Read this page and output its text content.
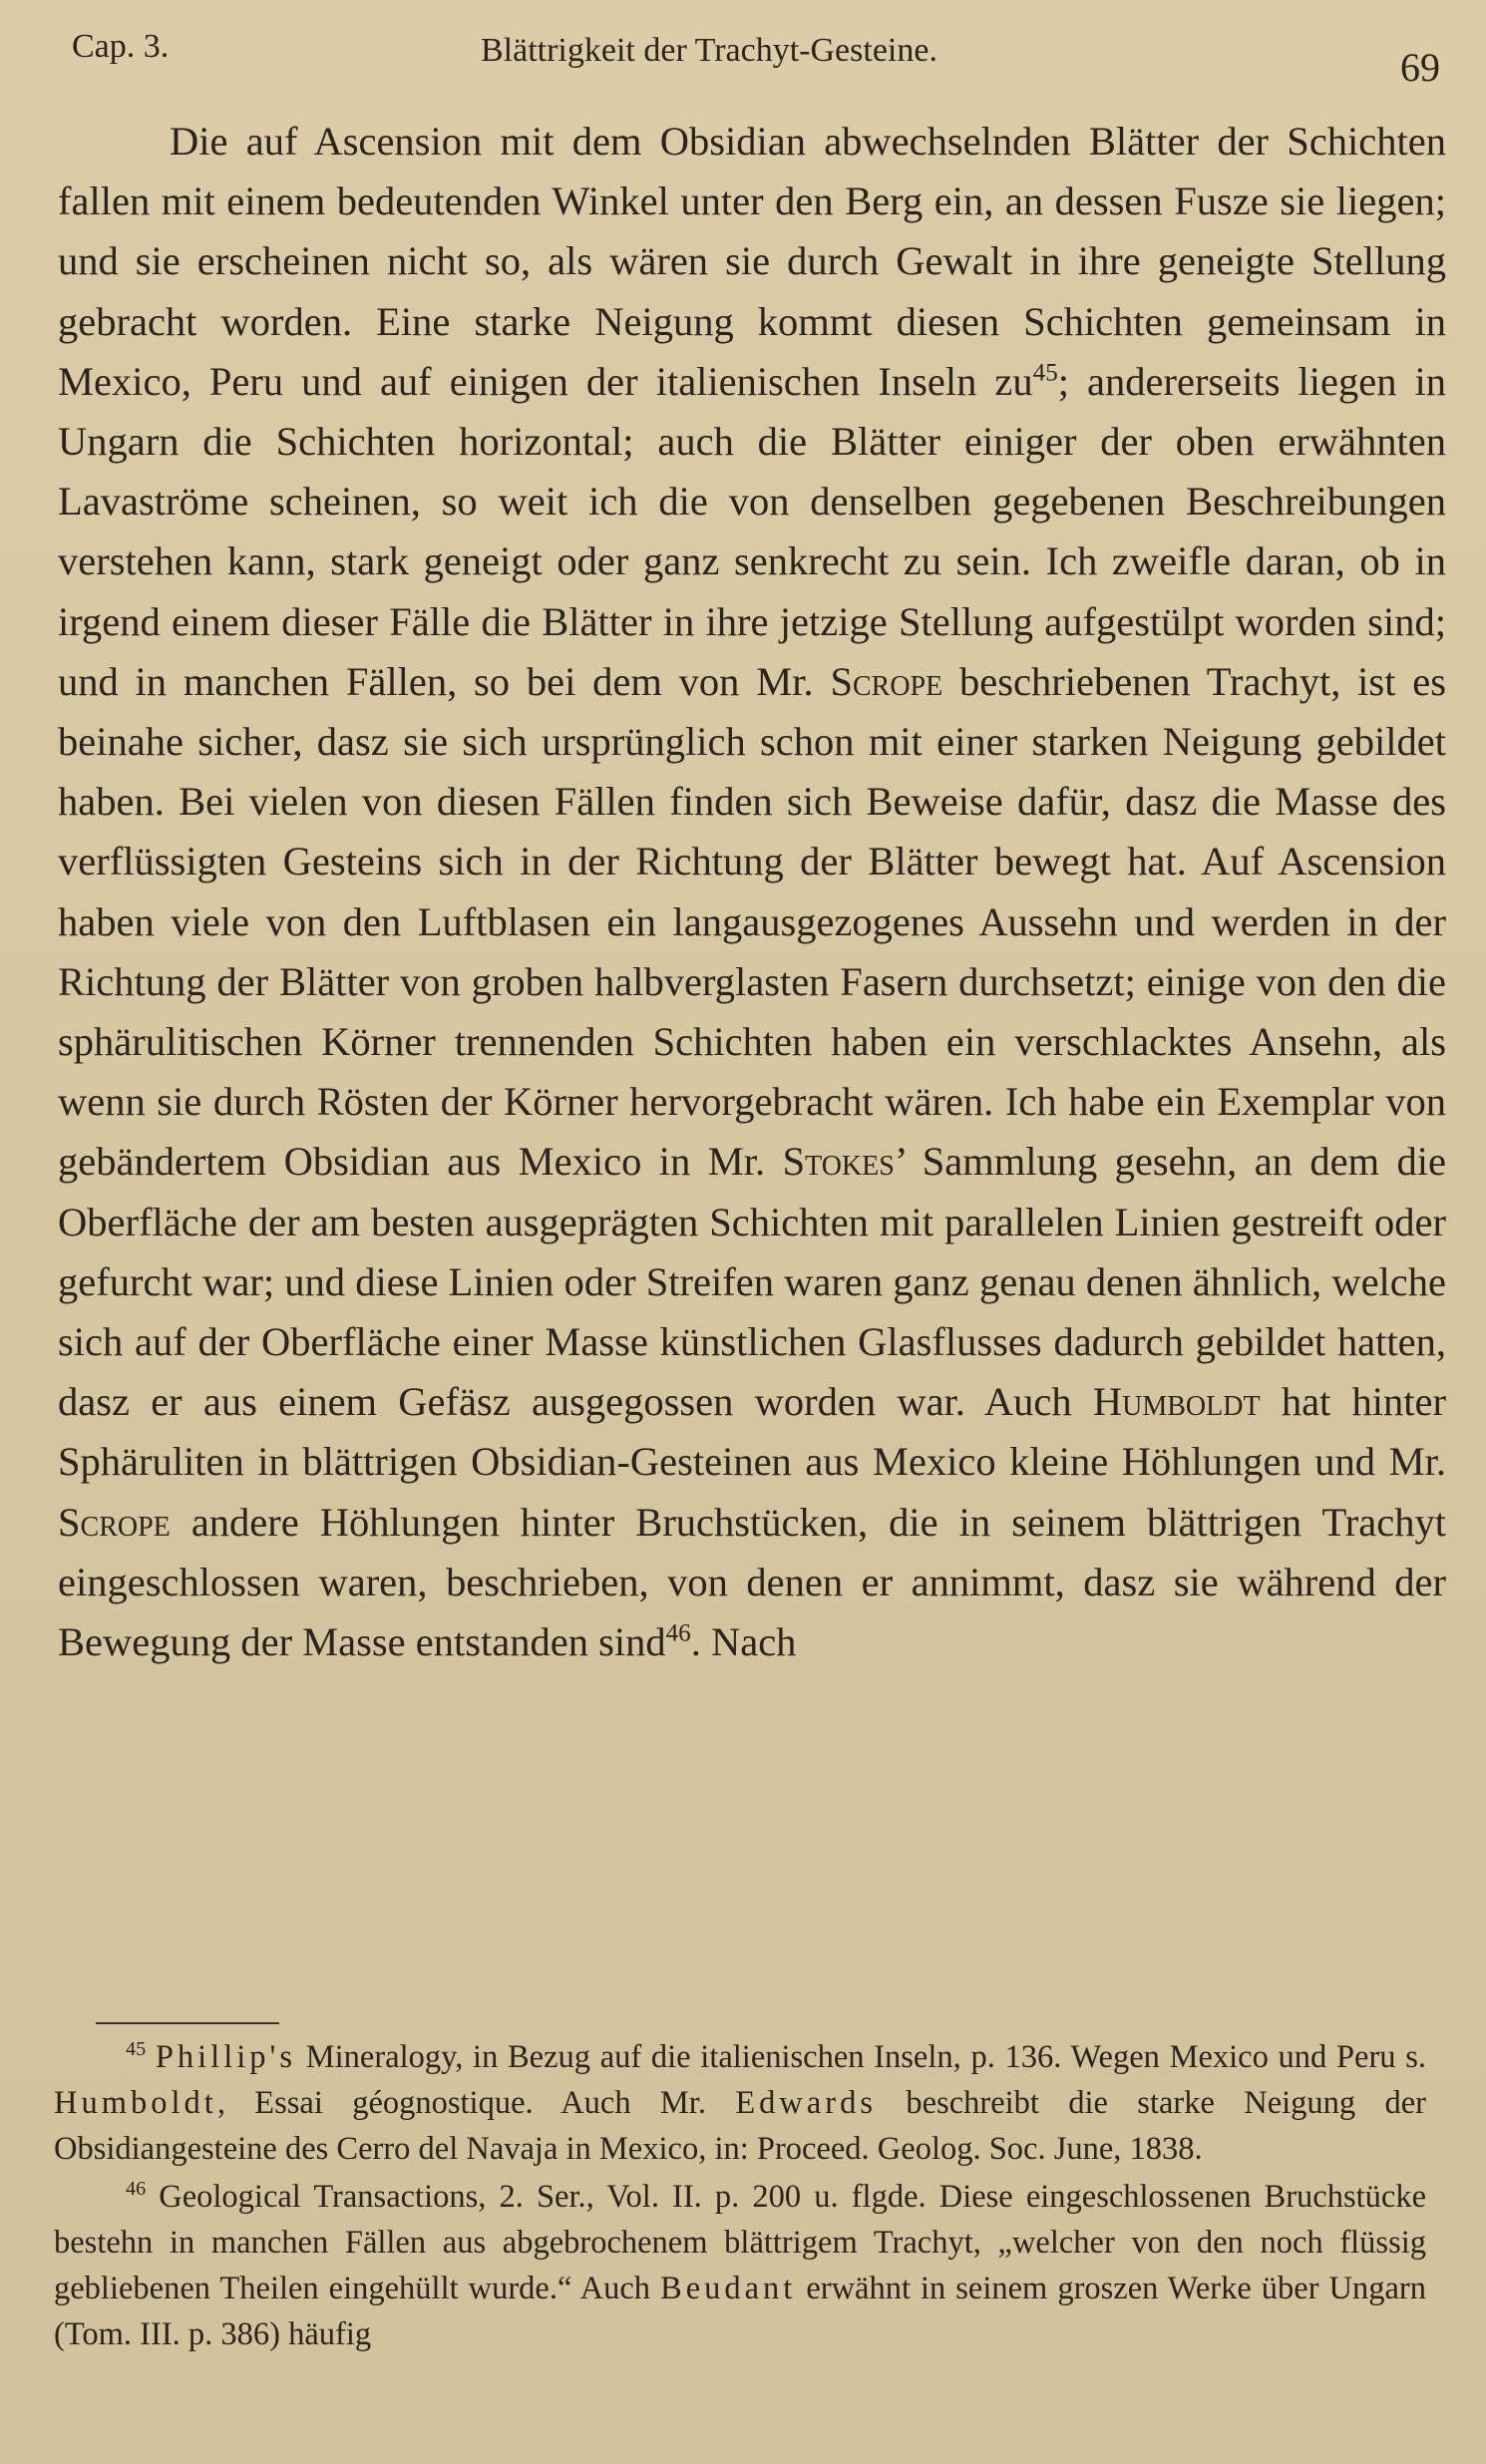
Cap. 3.	Blättrigkeit der Trachyt-Gesteine.	69

Die auf Ascension mit dem Obsidian abwechselnden Blätter der Schichten fallen mit einem bedeutenden Winkel unter den Berg ein, an dessen Fusze sie liegen; und sie erscheinen nicht so, als wären sie durch Gewalt in ihre geneigte Stellung gebracht worden. Eine starke Neigung kommt diesen Schichten gemeinsam in Mexico, Peru und auf einigen der italienischen Inseln $zu^{45}$; andererseits liegen in Ungarn die Schichten horizontal; auch die Blätter einiger der oben erwähnten Lavaströme scheinen, so weit ich die von denselben gegebenen Beschreibungen verstehen kann, stark geneigt oder ganz senkrecht zu sein. Ich zweifle daran, ob in irgend einem dieser Fälle die Blätter in ihre jetzige Stellung aufgestülpt worden sind; und in manchen Fällen, so bei dem von Mr. Scrope beschriebenen Trachyt, ist es beinahe sicher, dasz sie sich ursprünglich schon mit einer starken Neigung gebildet haben. Bei vielen von diesen Fällen finden sich Beweise dafür, dasz die Masse des verflüssigten Gesteins sich in der Richtung der Blätter bewegt hat. Auf Ascension haben viele von den Luftblasen ein langausgezogenes Aussehn und werden in der Richtung der Blätter von groben halbverglasten Fasern durchsetzt; einige von den die sphärulitischen Körner trennenden Schichten haben ein verschlacktes Ansehn, als wenn sie durch Rösten der Körner hervorgebracht wären. Ich habe ein Exemplar von gebändertem Obsidian aus Mexico in Mr. Stokes’ Sammlung gesehn, an dem die Oberfläche der am besten ausgeprägten Schichten mit parallelen Linien gestreift oder gefurcht war; und diese Linien oder Streifen waren ganz genau denen ähnlich, welche sich auf der Oberfläche einer Masse künstlichen Glasflusses dadurch gebildet hatten, dasz er aus einem Gefäsz ausgegossen worden war. Auch Humboldt hat hinter Sphäruliten in blättrigen Obsidian-Gesteinen aus Mexico kleine Höhlungen und Mr. Scrope andere Höhlungen hinter Bruchstücken, die in seinem blättrigen Trachyt eingeschlossen waren, beschrieben, von denen er annimmt, dasz sie während der Bewegung der Masse entstanden sind$^{46}$. Nach

$^{45}$ Phillip's Mineralogy, in Bezug auf die italienischen Inseln, p. 136. Wegen Mexico und Peru s. Humboldt, Essai géognostique. Auch Mr. Edwards beschreibt die starke Neigung der Obsidiangesteine des Cerro del Navaja in Mexico, in: Proceed. Geolog. Soc. June, 1838.

$^{46}$ Geological Transactions, 2. Ser., Vol. II. p. 200 u. flgde. Diese eingeschlossenen Bruchstücke bestehn in manchen Fällen aus abgebrochenem blättrigem Trachyt, „welcher von den noch flüssig gebliebenen Theilen eingehüllt wurde.“ Auch Beudant erwähnt in seinem groszen Werke über Ungarn (Tom. III. p. 386) häufig
